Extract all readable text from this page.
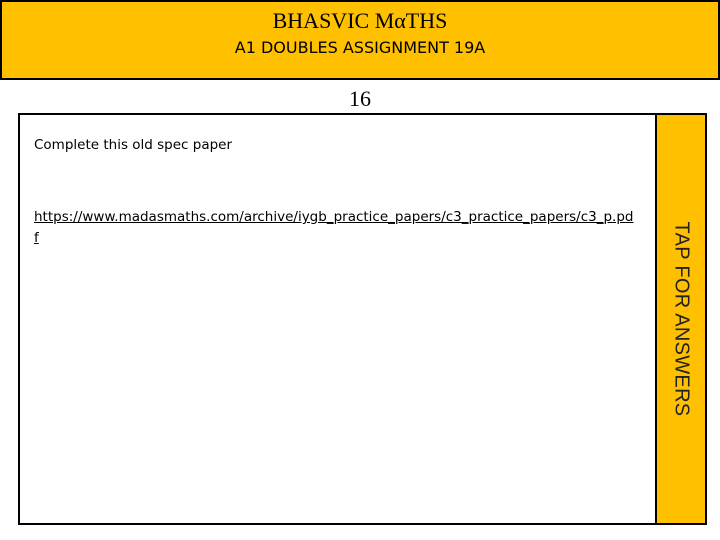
BHASVIC MαTHS
A1 DOUBLES ASSIGNMENT 19A
16
Complete this old spec paper
https://www.madasmaths.com/archive/iygb_practice_papers/c3_practice_papers/c3_p.pdf	TAP FOR ANSWERS
